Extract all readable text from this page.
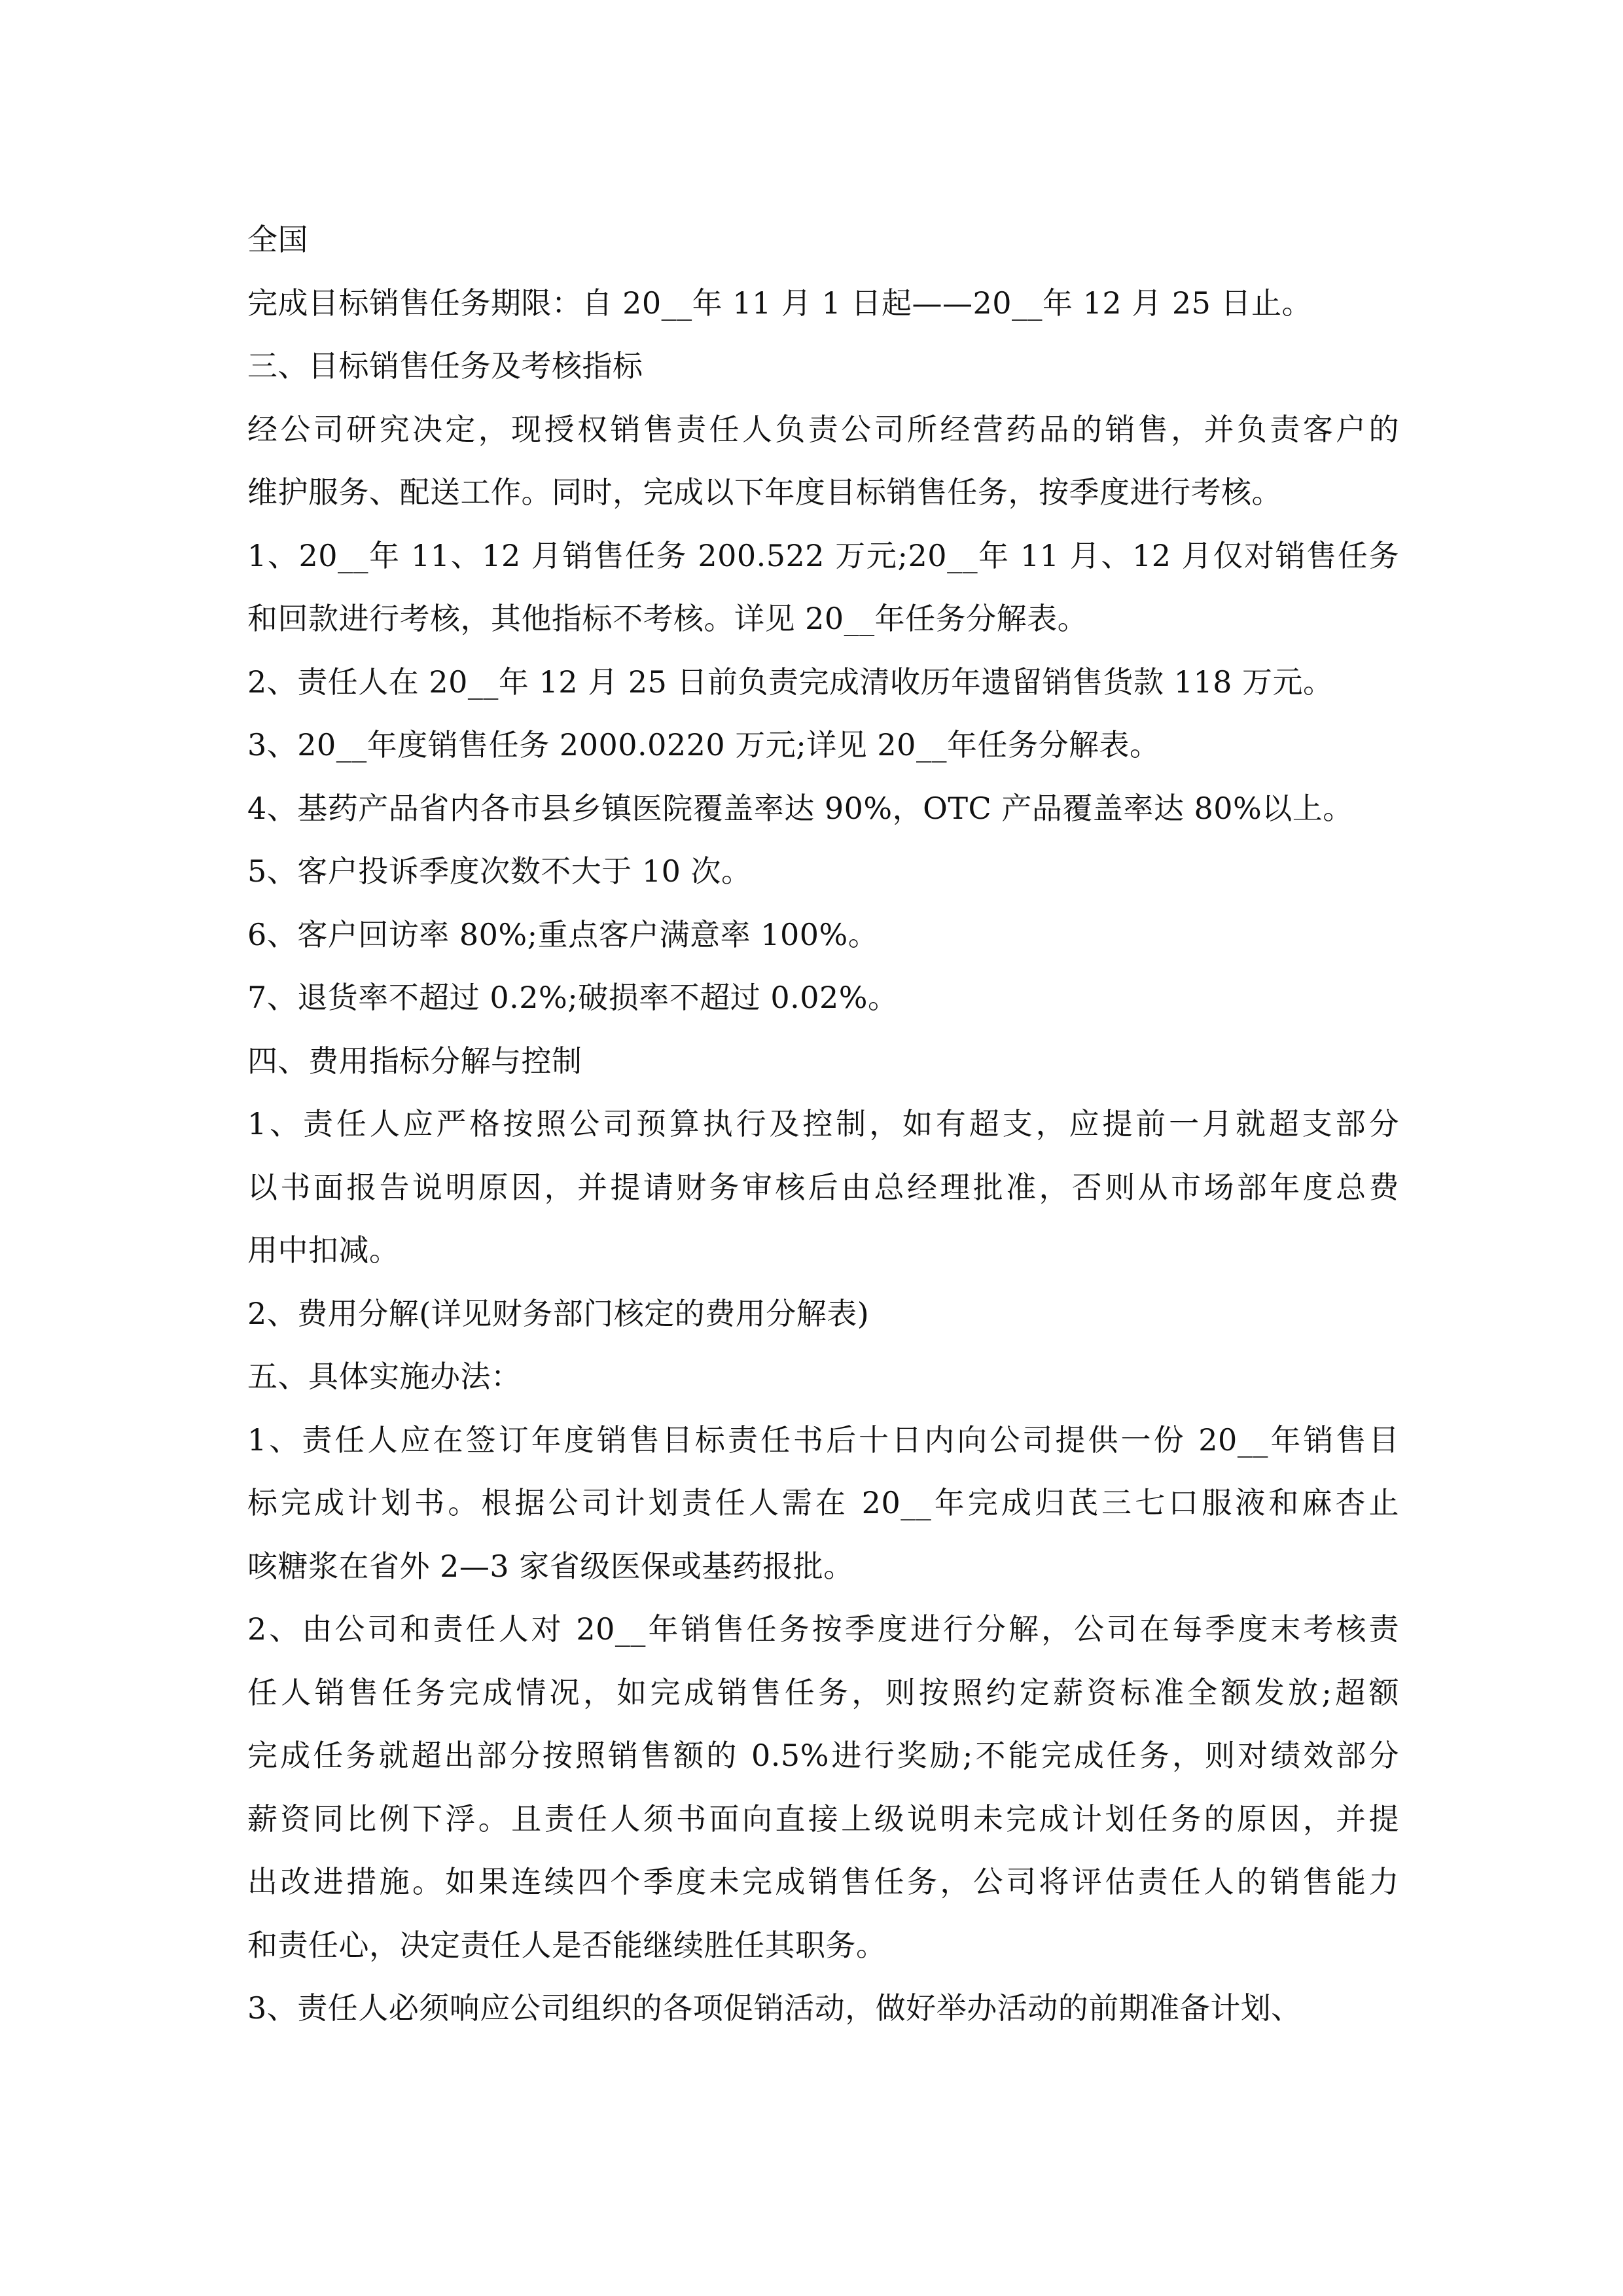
全国
完成目标销售任务期限：自 20__年 11 月 1 日起——20__年 12 月 25 日止。
三、目标销售任务及考核指标
经公司研究决定，现授权销售责任人负责公司所经营药品的销售，并负责客户的
维护服务、配送工作。同时，完成以下年度目标销售任务，按季度进行考核。
1、20__年 11、12 月销售任务 200.522 万元;20__年 11 月、12 月仅对销售任务
和回款进行考核，其他指标不考核。详见 20__年任务分解表。
2、责任人在 20__年 12 月 25 日前负责完成清收历年遗留销售货款 118 万元。
3、20__年度销售任务 2000.0220 万元;详见 20__年任务分解表。
4、基药产品省内各市县乡镇医院覆盖率达 90%，OTC 产品覆盖率达 80%以上。
5、客户投诉季度次数不大于 10 次。
6、客户回访率 80%;重点客户满意率 100%。
7、退货率不超过 0.2%;破损率不超过 0.02%。
四、费用指标分解与控制
1、责任人应严格按照公司预算执行及控制，如有超支，应提前一月就超支部分
以书面报告说明原因，并提请财务审核后由总经理批准，否则从市场部年度总费
用中扣减。
2、费用分解(详见财务部门核定的费用分解表)
五、具体实施办法：
1、责任人应在签订年度销售目标责任书后十日内向公司提供一份 20__年销售目
标完成计划书。根据公司计划责任人需在 20__年完成归芪三七口服液和麻杏止
咳糖浆在省外 2—3 家省级医保或基药报批。
2、由公司和责任人对 20__年销售任务按季度进行分解，公司在每季度末考核责
任人销售任务完成情况，如完成销售任务，则按照约定薪资标准全额发放;超额
完成任务就超出部分按照销售额的 0.5%进行奖励;不能完成任务，则对绩效部分
薪资同比例下浮。且责任人须书面向直接上级说明未完成计划任务的原因，并提
出改进措施。如果连续四个季度未完成销售任务，公司将评估责任人的销售能力
和责任心，决定责任人是否能继续胜任其职务。
3、责任人必须响应公司组织的各项促销活动，做好举办活动的前期准备计划、
